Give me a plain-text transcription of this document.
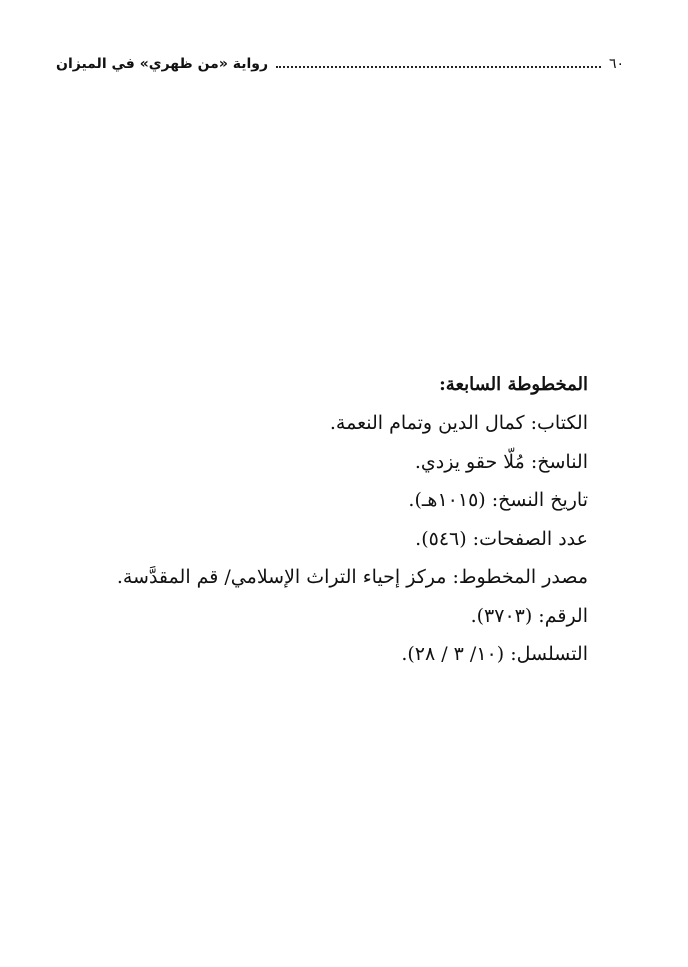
٦٠
رواية «من ظهري» في الميزان

المخطوطة السابعة:

الكتاب: كمال الدين وتمام النعمة.
الناسخ: مُلّا حقو يزدي.
تاريخ النسخ: (١٠١٥هـ).
عدد الصفحات: (٥٤٦).
مصدر المخطوط: مركز إحياء التراث الإسلامي/ قم المقدَّسة.
الرقم: (٣٧٠٣).
التسلسل: (١٠/ ٣ / ٢٨).
